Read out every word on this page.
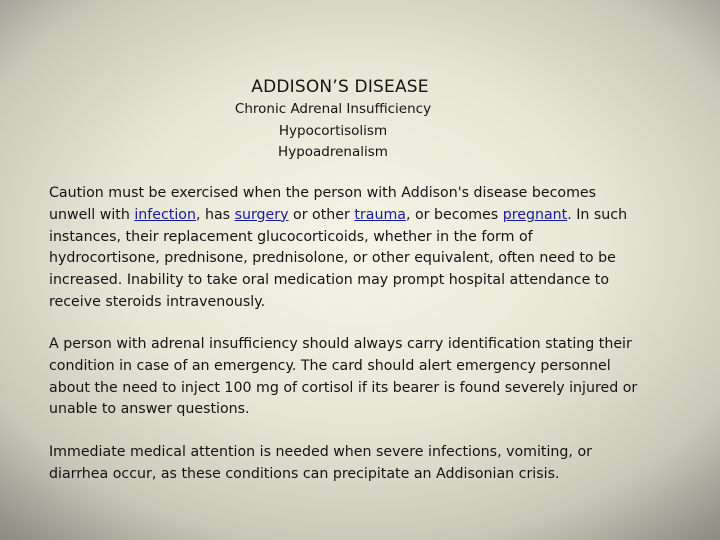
ADDISON’S DISEASE
Chronic Adrenal Insufficiency
Hypocortisolism
Hypoadrenalism

Caution must be exercised when the person with Addison's disease becomes
unwell with infection, has surgery or other trauma, or becomes pregnant. In such
instances, their replacement glucocorticoids, whether in the form of
hydrocortisone, prednisone, prednisolone, or other equivalent, often need to be
increased. Inability to take oral medication may prompt hospital attendance to
receive steroids intravenously.

A person with adrenal insufficiency should always carry identification stating their
condition in case of an emergency. The card should alert emergency personnel
about the need to inject 100 mg of cortisol if its bearer is found severely injured or
unable to answer questions.

Immediate medical attention is needed when severe infections, vomiting, or
diarrhea occur, as these conditions can precipitate an Addisonian crisis.
